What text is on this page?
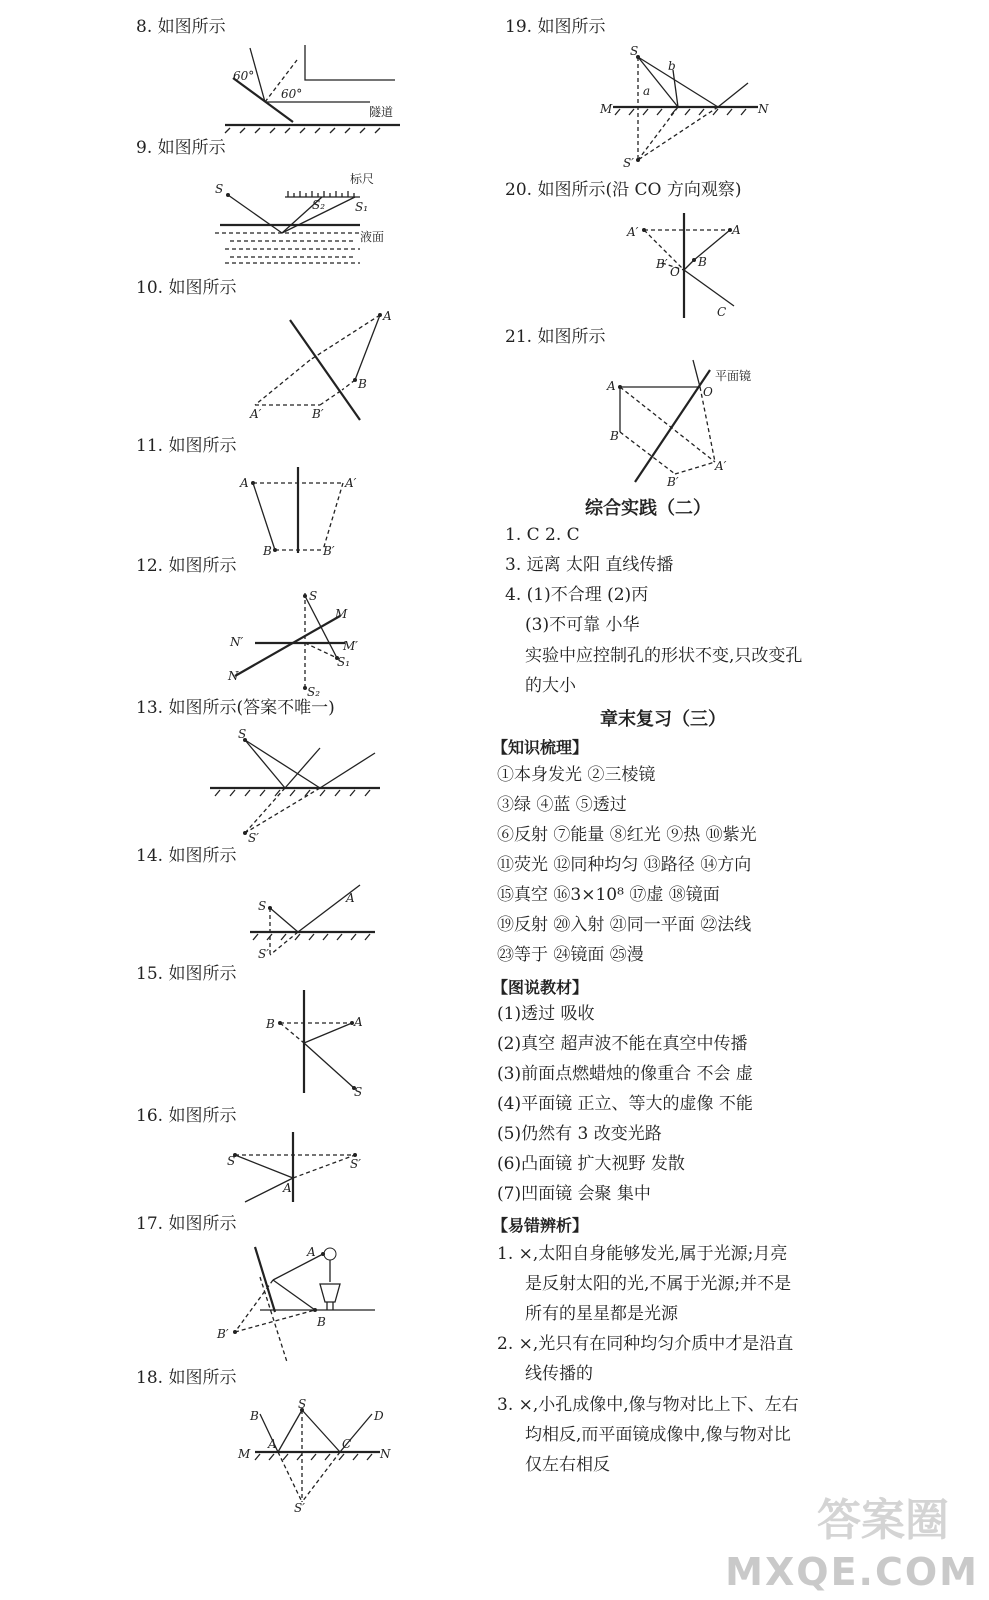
8. 如图所示
9. 如图所示
10. 如图所示
11. 如图所示
12. 如图所示
13. 如图所示(答案不唯一)
14. 如图所示
15. 如图所示
16. 如图所示
17. 如图所示
18. 如图所示
60°
60°
隧道
S
S₂ S₁
标尺
液面
A
B
A′	B′
A	A′
B	B′
S
M
M′
N′
N
S₁
S₂
S
S′
S
A
S′
B	A
S
S	S′
A
A
B
B′
B
S
D
M
A	C
N
S′
19. 如图所示
S
a
b
M	N
S′
20. 如图所示(沿 CO 方向观察)
A
A′
B
B′
O
C
21. 如图所示
A
平面镜
O
B
A′
B′
综合实践（二）
1. C 2. C
3. 远离 太阳 直线传播
4. (1)不合理 (2)丙
(3)不可靠 小华
实验中应控制孔的形状不变,只改变孔
的大小
章末复习（三）
【知识梳理】
①本身发光 ②三棱镜
③绿 ④蓝 ⑤透过
⑥反射 ⑦能量 ⑧红光 ⑨热 ⑩紫光
⑪荧光 ⑫同种均匀 ⑬路径 ⑭方向
⑮真空 ⑯3×10⁸ ⑰虚 ⑱镜面
⑲反射 ⑳入射 ㉑同一平面 ㉒法线
㉓等于 ㉔镜面 ㉕漫
【图说教材】
(1)透过 吸收
(2)真空 超声波不能在真空中传播
(3)前面点燃蜡烛的像重合 不会 虚
(4)平面镜 正立、等大的虚像 不能
(5)仍然有 3 改变光路
(6)凸面镜 扩大视野 发散
(7)凹面镜 会聚 集中
【易错辨析】
1. ×,太阳自身能够发光,属于光源;月亮
是反射太阳的光,不属于光源;并不是
所有的星星都是光源
2. ×,光只有在同种均匀介质中才是沿直
线传播的
3. ×,小孔成像中,像与物对比上下、左右
均相反,而平面镜成像中,像与物对比
仅左右相反
答案圈
MXQE.COM
